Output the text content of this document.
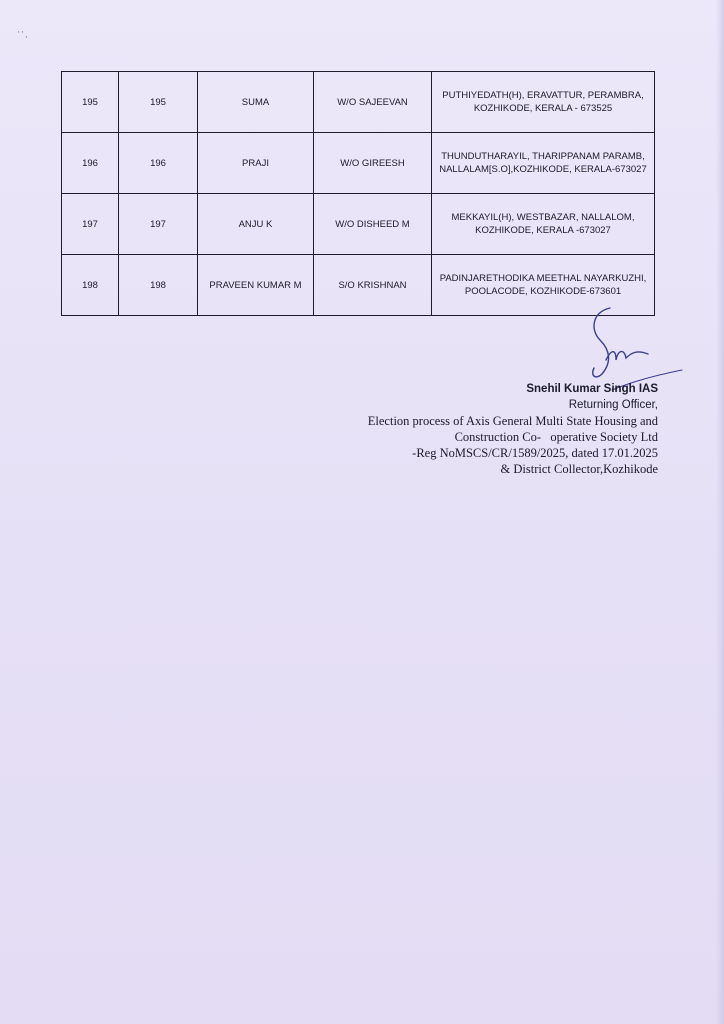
' ' ,
195	195	SUMA	W/O SAJEEVAN	PUTHIYEDATH(H), ERAVATTUR, PERAMBRA, KOZHIKODE, KERALA - 673525
196	196	PRAJI	W/O GIREESH	THUNDUTHARAYIL, THARIPPANAM PARAMB, NALLALAM[S.O],KOZHIKODE, KERALA-673027
197	197	ANJU K	W/O DISHEED M	MEKKAYIL(H), WESTBAZAR, NALLALOM, KOZHIKODE, KERALA -673027
198	198	PRAVEEN KUMAR M	S/O KRISHNAN	PADINJARETHODIKA MEETHAL NAYARKUZHI, POOLACODE, KOZHIKODE-673601
Snehil Kumar Singh IAS
Returning Officer,
Election process of Axis General Multi State Housing and
Construction Co-   operative Society Ltd
-Reg NoMSCS/CR/1589/2025, dated 17.01.2025
& District Collector,Kozhikode
